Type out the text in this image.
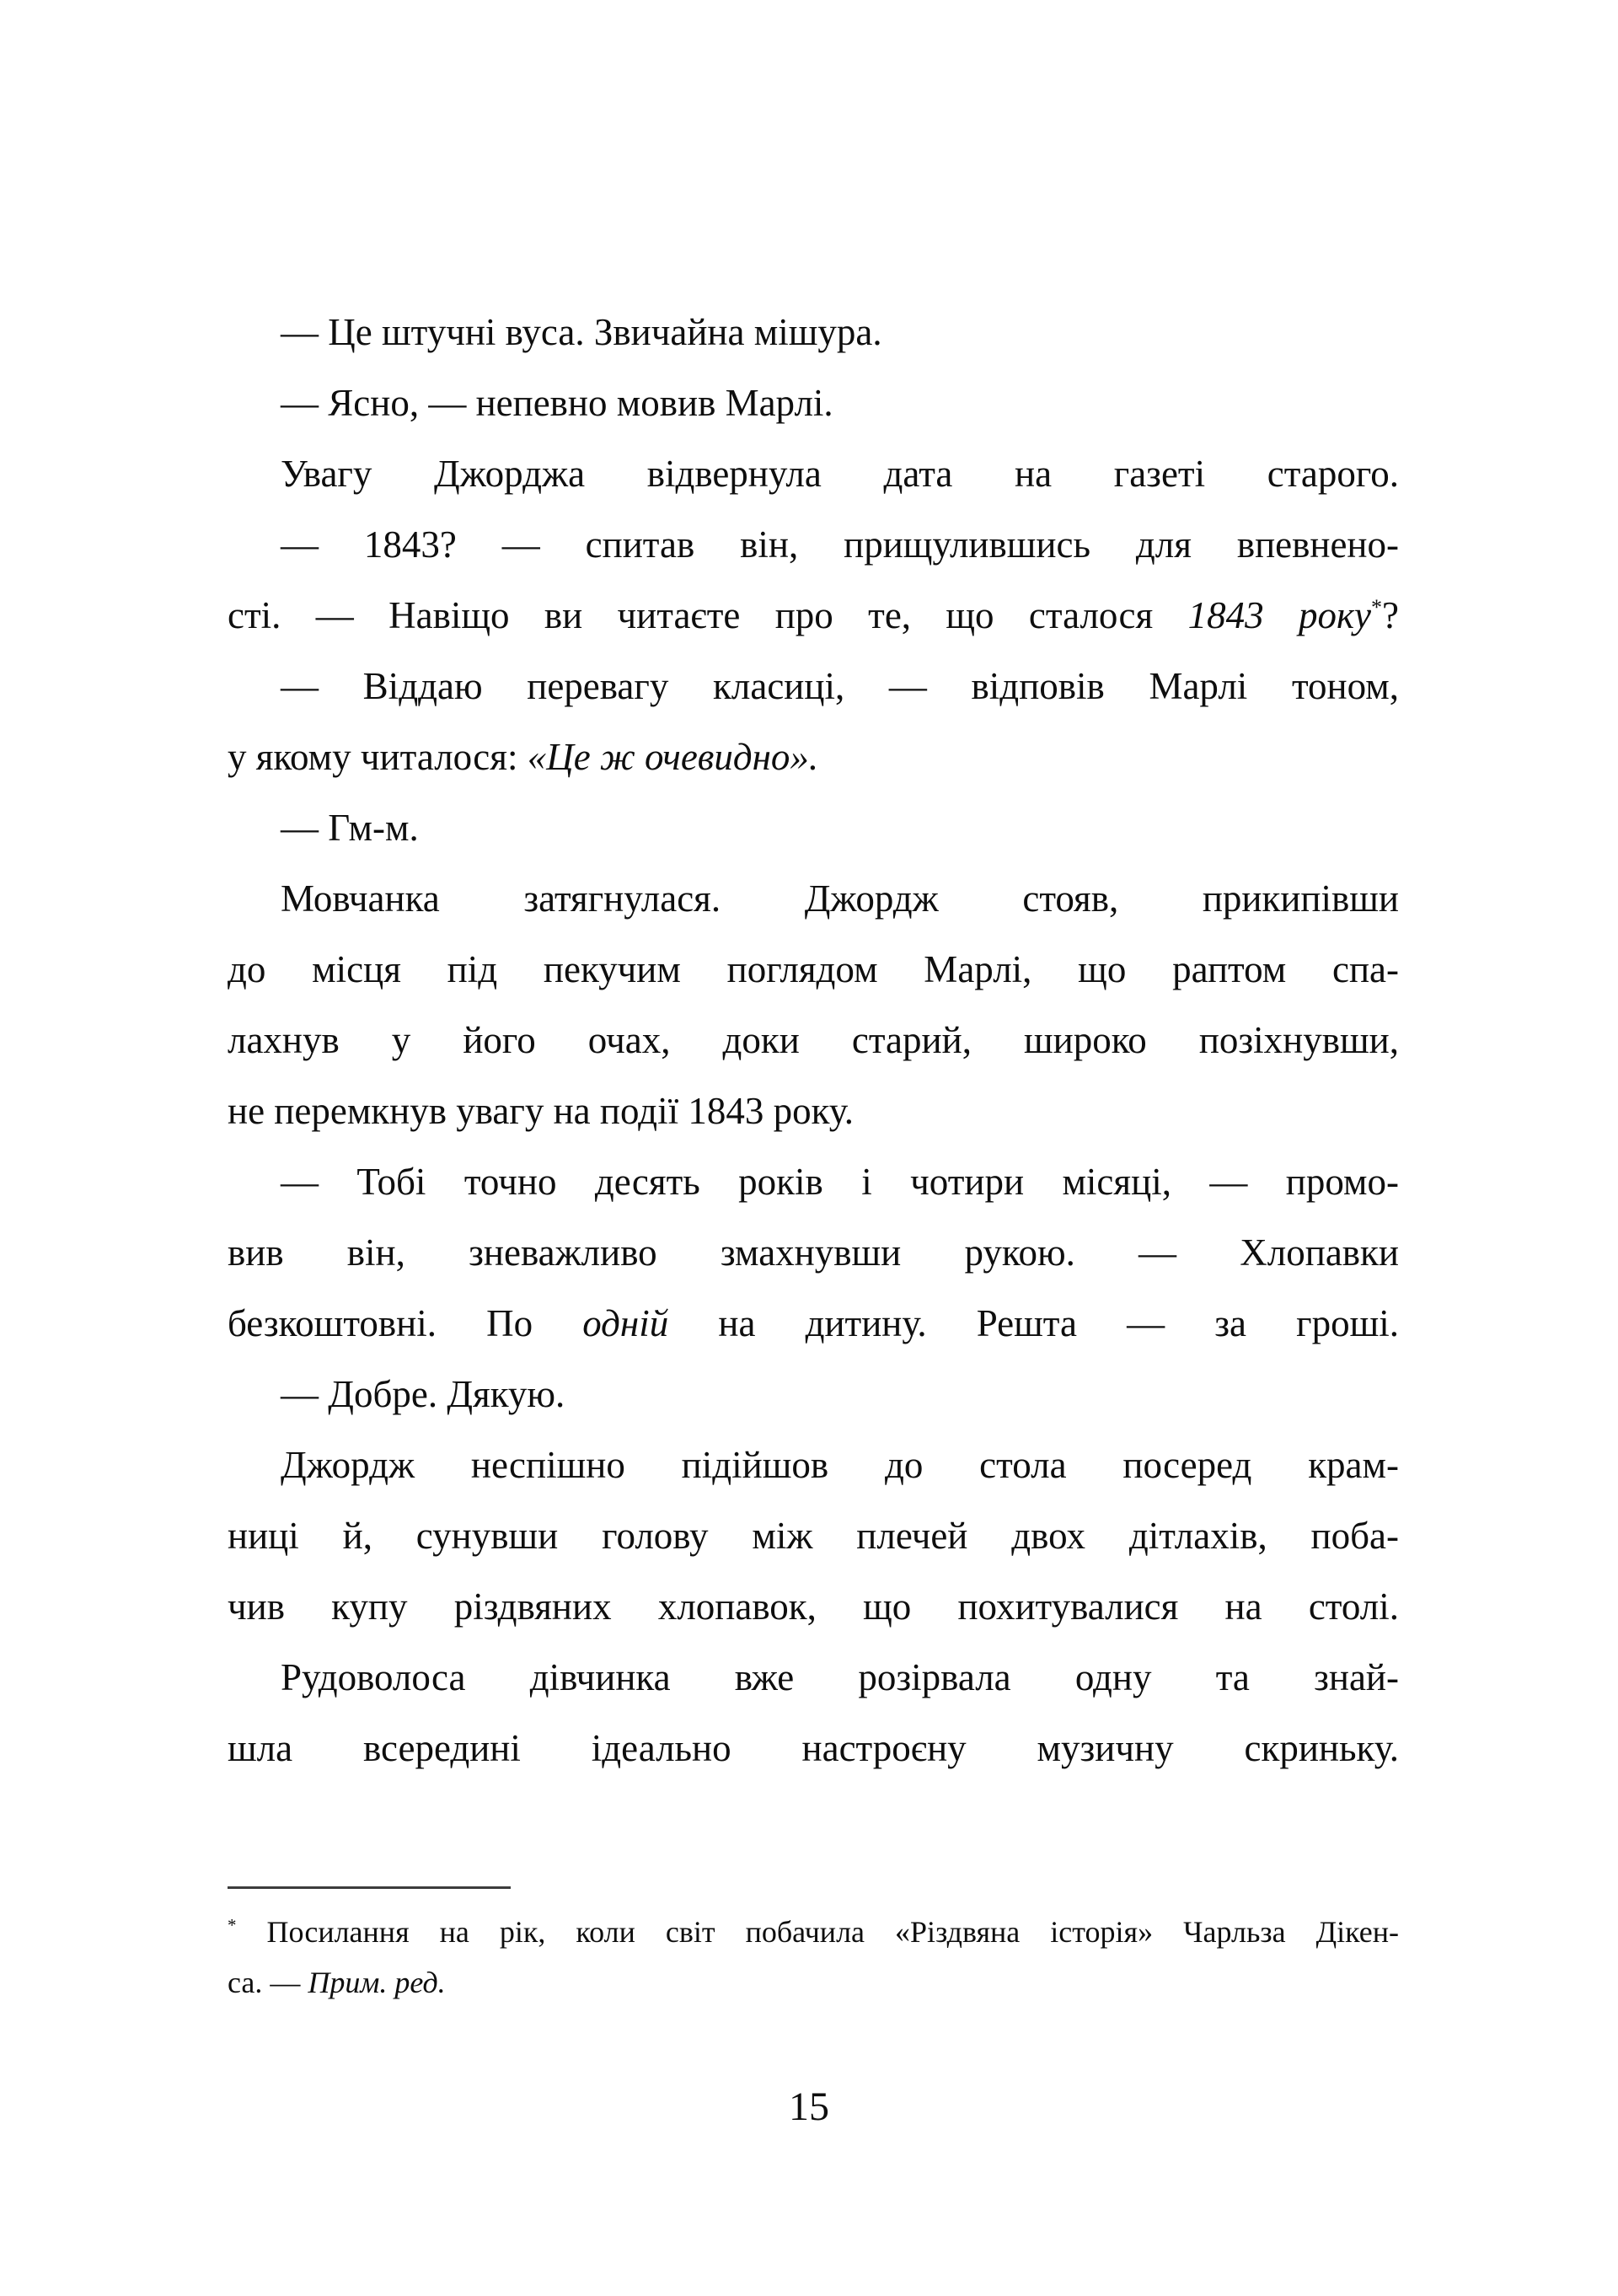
— Це штучні вуса. Звичайна мішура.
— Ясно, — непевно мовив Марлі.
Увагу Джорджа відвернула дата на газеті старого.
— 1843? — спитав він, прищулившись для впевнено-
сті. — Навіщо ви читаєте про те, що сталося 1843 року*?
— Віддаю перевагу класиці, — відповів Марлі тоном,
у якому читалося: «Це ж очевидно».
— Гм-м.
Мовчанка затягнулася. Джордж стояв, прикипівши
до місця під пекучим поглядом Марлі, що раптом спа-
лахнув у його очах, доки старий, широко позіхнувши,
не перемкнув увагу на події 1843 року.
— Тобі точно десять років і чотири місяці, — промо-
вив він, зневажливо змахнувши рукою. — Хлопавки
безкоштовні. По одній на дитину. Решта — за гроші.
— Добре. Дякую.
Джордж неспішно підійшов до стола посеред крам-
ниці й, сунувши голову між плечей двох дітлахів, поба-
чив купу різдвяних хлопавок, що похитувалися на столі.
Рудоволоса дівчинка вже розірвала одну та знай-
шла всередині ідеально настроєну музичну скриньку.
* Посилання на рік, коли світ побачила «Різдвяна історія» Чарльза Дікен-
са. — Прим. ред.
15
